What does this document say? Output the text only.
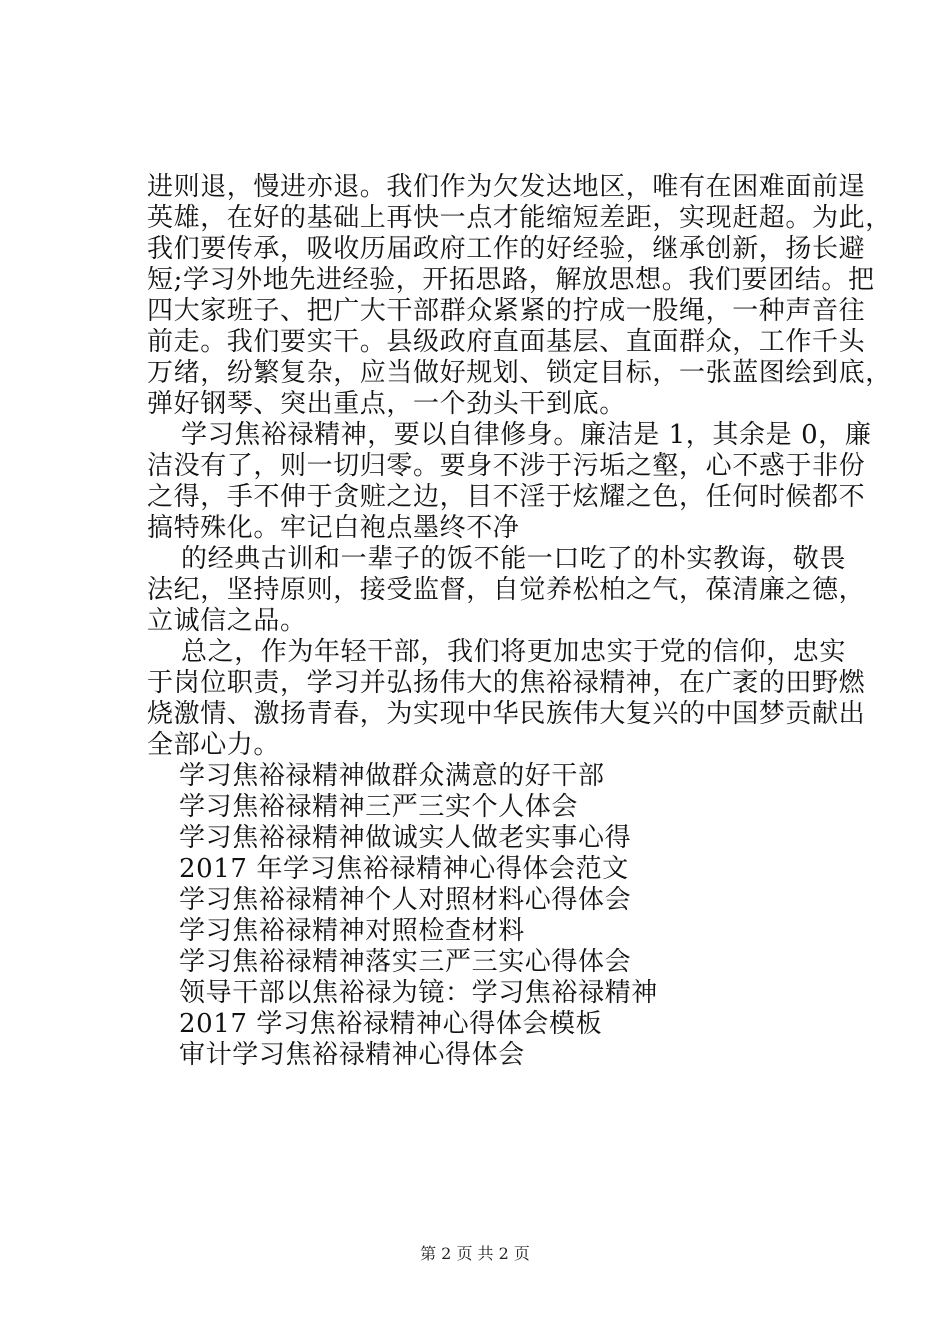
进则退，慢进亦退。我们作为欠发达地区，唯有在困难面前逞
英雄，在好的基础上再快一点才能缩短差距，实现赶超。为此，
我们要传承，吸收历届政府工作的好经验，继承创新，扬长避
短;学习外地先进经验，开拓思路，解放思想。我们要团结。把
四大家班子、把广大干部群众紧紧的拧成一股绳，一种声音往
前走。我们要实干。县级政府直面基层、直面群众，工作千头
万绪，纷繁复杂，应当做好规划、锁定目标，一张蓝图绘到底，
弹好钢琴、突出重点，一个劲头干到底。
学习焦裕禄精神，要以自律修身。廉洁是 1，其余是 0，廉
洁没有了，则一切归零。要身不涉于污垢之壑，心不惑于非份
之得，手不伸于贪赃之边，目不淫于炫耀之色，任何时候都不
搞特殊化。牢记白袍点墨终不净
的经典古训和一辈子的饭不能一口吃了的朴实教诲，敬畏
法纪，坚持原则，接受监督，自觉养松柏之气，葆清廉之德，
立诚信之品。
总之，作为年轻干部，我们将更加忠实于党的信仰，忠实
于岗位职责，学习并弘扬伟大的焦裕禄精神，在广袤的田野燃
烧激情、激扬青春，为实现中华民族伟大复兴的中国梦贡献出
全部心力。
学习焦裕禄精神做群众满意的好干部
学习焦裕禄精神三严三实个人体会
学习焦裕禄精神做诚实人做老实事心得
2017 年学习焦裕禄精神心得体会范文
学习焦裕禄精神个人对照材料心得体会
学习焦裕禄精神对照检查材料
学习焦裕禄精神落实三严三实心得体会
领导干部以焦裕禄为镜：学习焦裕禄精神
2017 学习焦裕禄精神心得体会模板
审计学习焦裕禄精神心得体会
第 2 页 共 2 页
